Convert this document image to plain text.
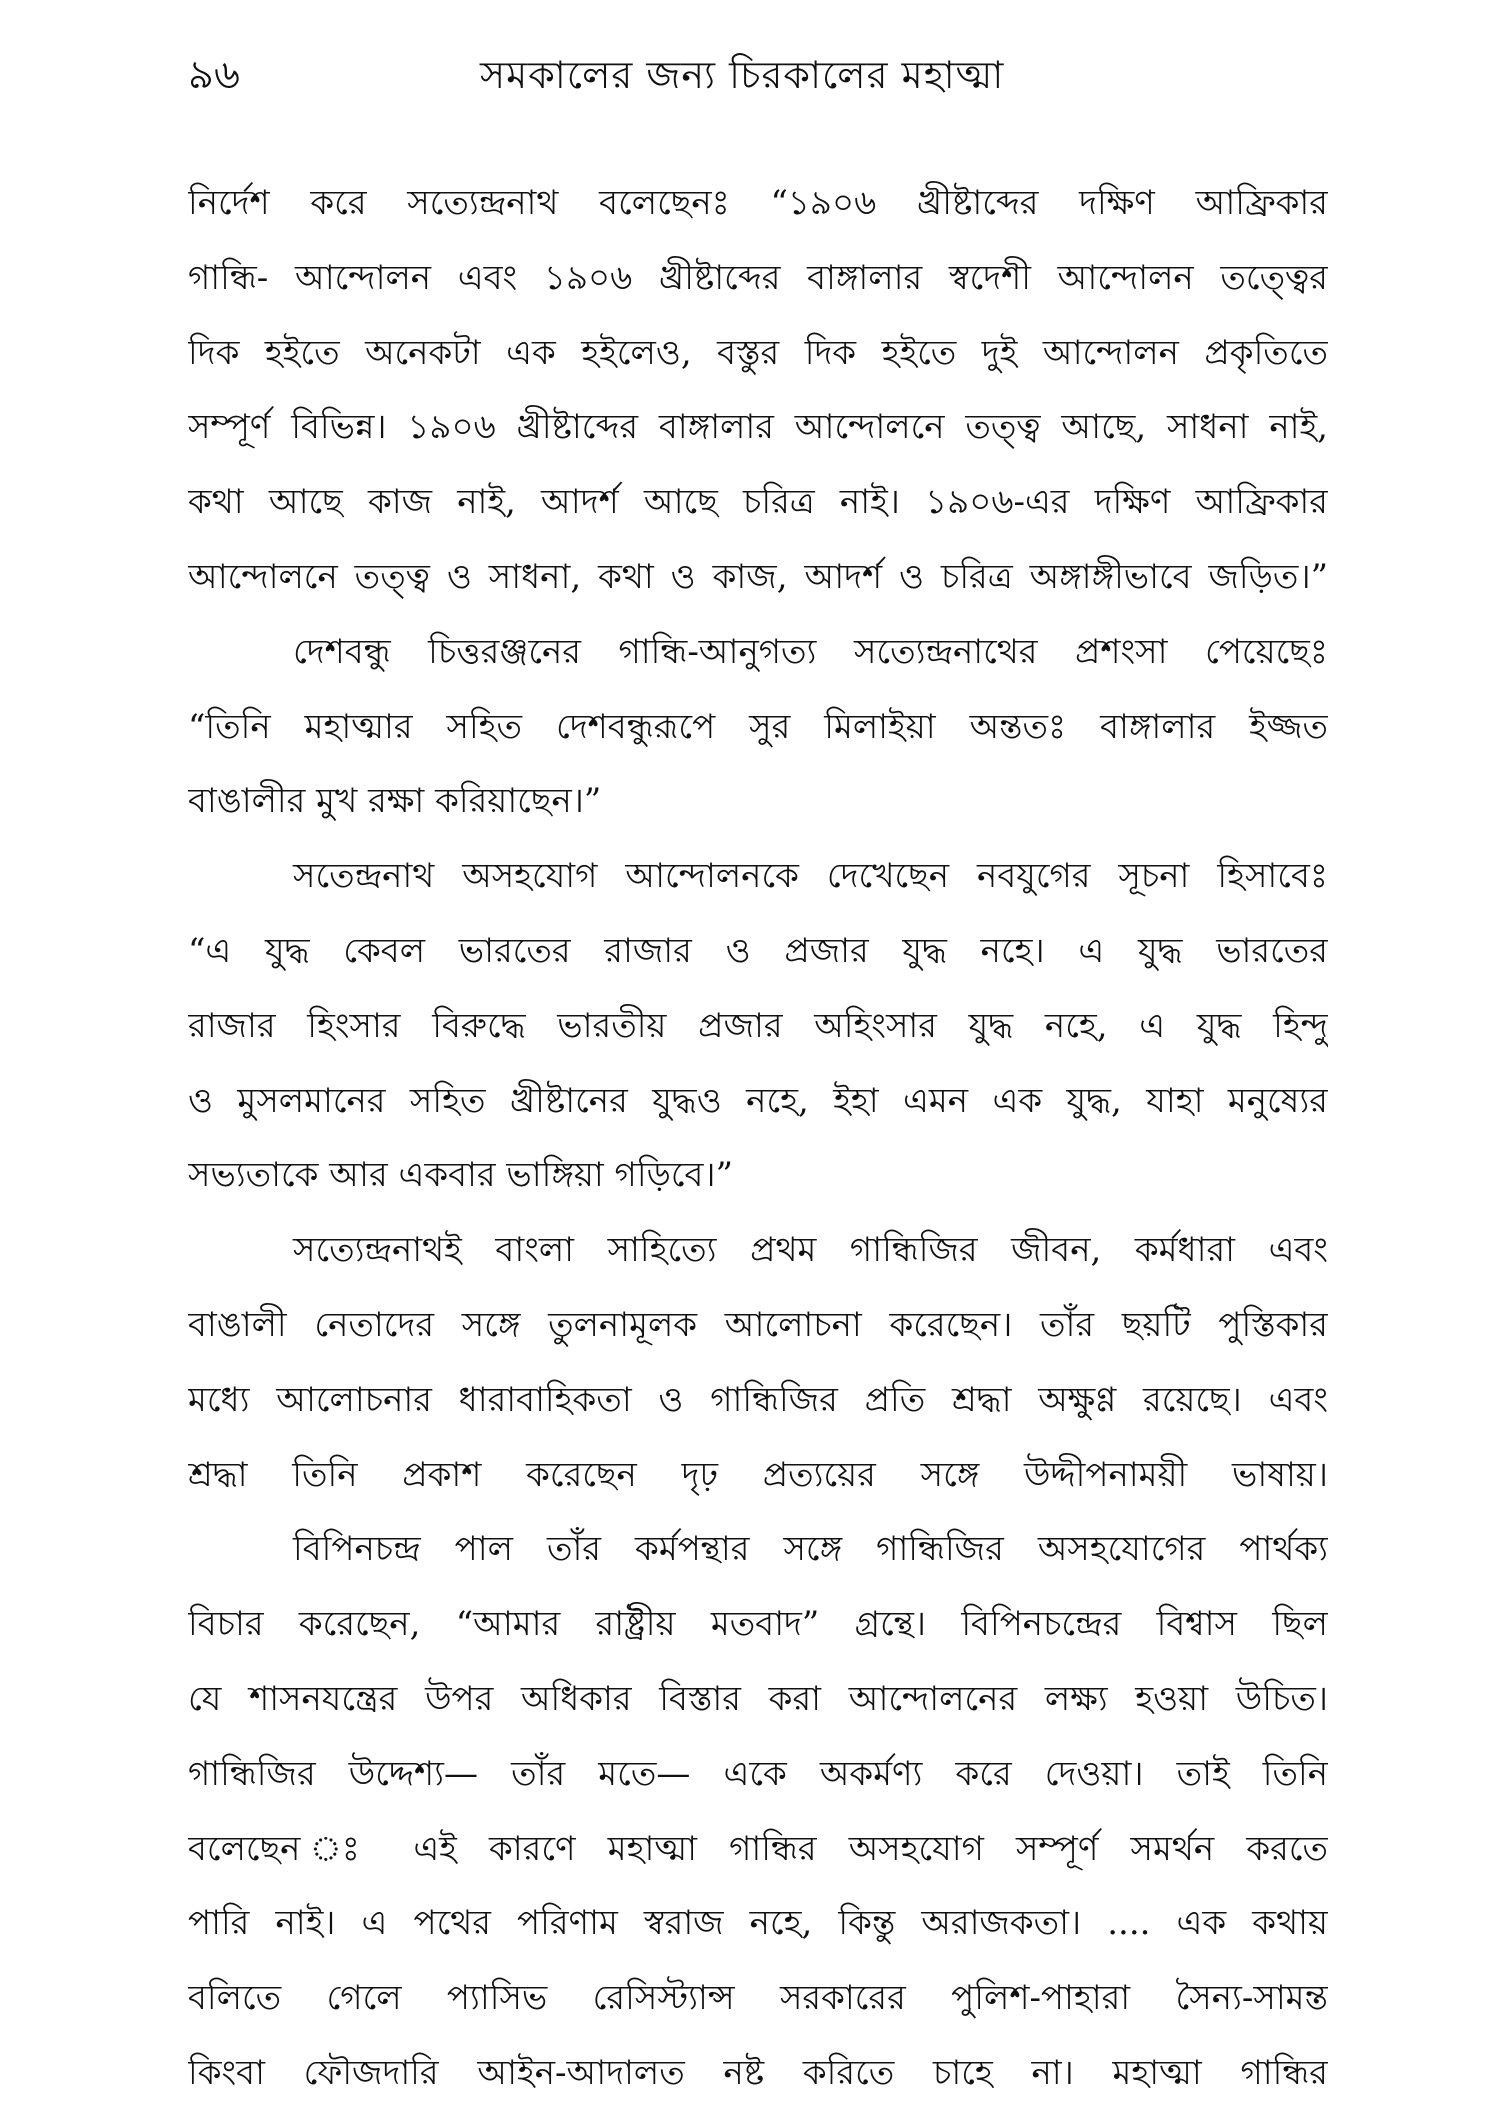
৯৬	সমকালের জন্য চিরকালের মহাত্মা
নির্দেশ করে সত্যেন্দ্রনাথ বলেছেনঃ “১৯০৬ খ্রীষ্টাব্দের দক্ষিণ আফ্রিকার
গান্ধি- আন্দোলন এবং ১৯০৬ খ্রীষ্টাব্দের বাঙ্গালার স্বদেশী আন্দোলন তত্ত্বের
দিক হইতে অনেকটা এক হইলেও, বস্তুর দিক হইতে দুই আন্দোলন প্রকৃতিতে
সম্পূর্ণ বিভিন্ন। ১৯০৬ খ্রীষ্টাব্দের বাঙ্গালার আন্দোলনে তত্ত্ব আছে, সাধনা নাই,
কথা আছে কাজ নাই, আদর্শ আছে চরিত্র নাই। ১৯০৬-এর দক্ষিণ আফ্রিকার
আন্দোলনে তত্ত্ব ও সাধনা, কথা ও কাজ, আদর্শ ও চরিত্র অঙ্গাঙ্গীভাবে জড়িত।”
দেশবন্ধু চিত্তরঞ্জনের গান্ধি-আনুগত্য সত্যেন্দ্রনাথের প্রশংসা পেয়েছেঃ
“তিনি মহাত্মার সহিত দেশবন্ধুরূপে সুর মিলাইয়া অন্ততঃ বাঙ্গালার ইজ্জত
বাঙালীর মুখ রক্ষা করিয়াছেন।”
সতেন্দ্রনাথ অসহযোগ আন্দোলনকে দেখেছেন নবযুগের সূচনা হিসাবেঃ
“এ যুদ্ধ কেবল ভারতের রাজার ও প্রজার যুদ্ধ নহে। এ যুদ্ধ ভারতের
রাজার হিংসার বিরুদ্ধে ভারতীয় প্রজার অহিংসার যুদ্ধ নহে, এ যুদ্ধ হিন্দু
ও মুসলমানের সহিত খ্রীষ্টানের যুদ্ধও নহে, ইহা এমন এক যুদ্ধ, যাহা মনুষ্যের
সভ্যতাকে আর একবার ভাঙ্গিয়া গড়িবে।”
সত্যেন্দ্রনাথই বাংলা সাহিত্যে প্রথম গান্ধিজির জীবন, কর্মধারা এবং
বাঙালী নেতাদের সঙ্গে তুলনামূলক আলোচনা করেছেন। তাঁর ছয়টি পুস্তিকার
মধ্যে আলোচনার ধারাবাহিকতা ও গান্ধিজির প্রতি শ্রদ্ধা অক্ষুণ্ণ রয়েছে। এবং
শ্রদ্ধা তিনি প্রকাশ করেছেন দৃঢ় প্রত্যয়ের সঙ্গে উদ্দীপনাময়ী ভাষায়।
বিপিনচন্দ্র পাল তাঁর কর্মপন্থার সঙ্গে গান্ধিজির অসহযোগের পার্থক্য
বিচার করেছেন, “আমার রাষ্ট্রীয় মতবাদ” গ্রন্থে। বিপিনচন্দ্রের বিশ্বাস ছিল
যে শাসনযন্ত্রের উপর অধিকার বিস্তার করা আন্দোলনের লক্ষ্য হওয়া উচিত।
গান্ধিজির উদ্দেশ্য— তাঁর মতে— একে অকর্মণ্য করে দেওয়া। তাই তিনি
বলেছেন ঃ এই কারণে মহাত্মা গান্ধির অসহযোগ সম্পূর্ণ সমর্থন করতে
পারি নাই। এ পথের পরিণাম স্বরাজ নহে, কিন্তু অরাজকতা। .... এক কথায়
বলিতে গেলে প্যাসিভ রেসিস্ট্যান্স সরকারের পুলিশ-পাহারা সৈন্য-সামন্ত
কিংবা ফৌজদারি আইন-আদালত নষ্ট করিতে চাহে না। মহাত্মা গান্ধির
